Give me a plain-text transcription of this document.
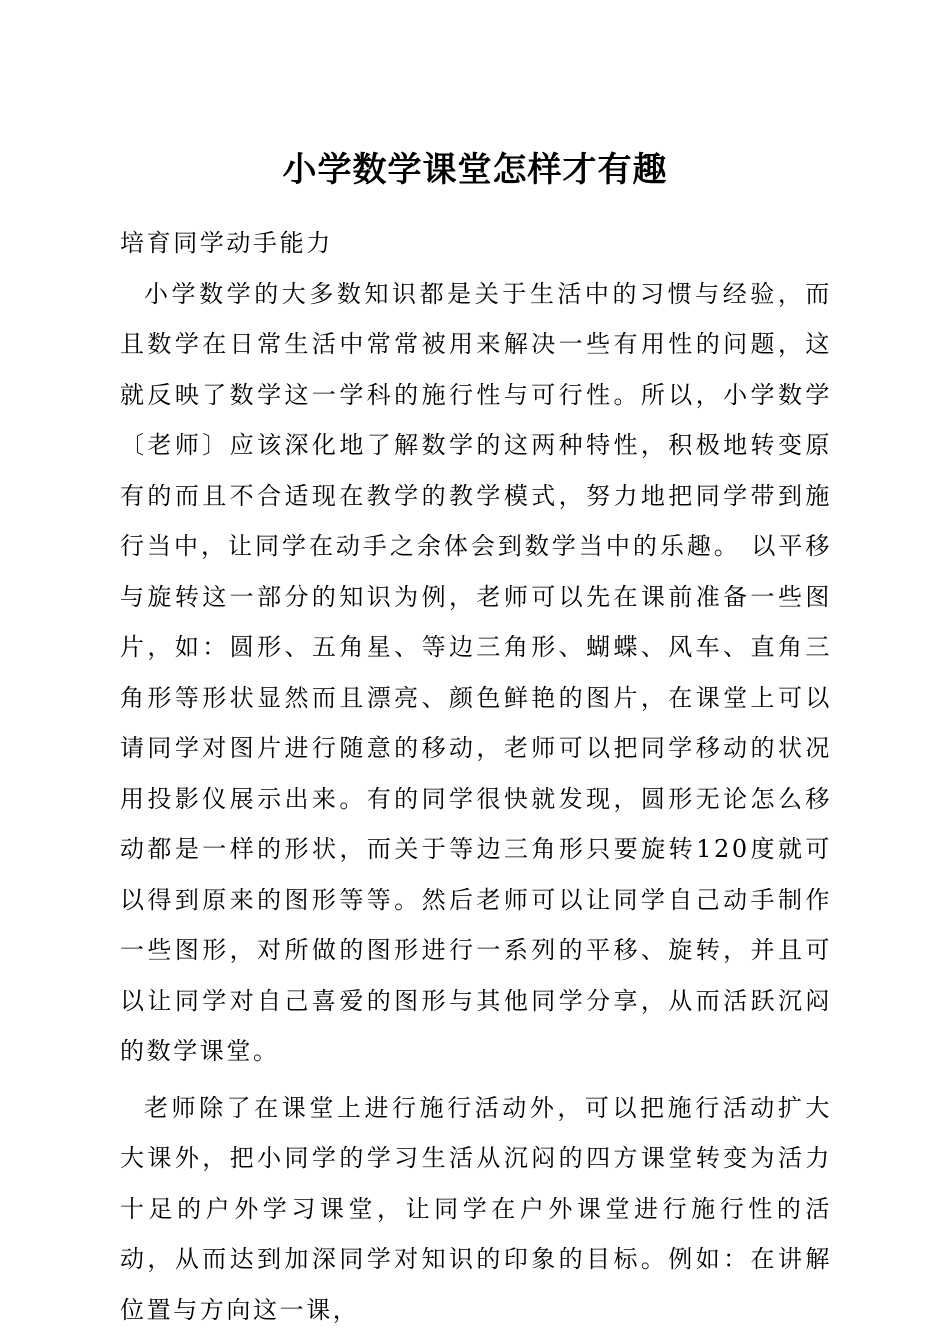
小学数学课堂怎样才有趣

培育同学动手能力

小学数学的大多数知识都是关于生活中的习惯与经验，而且数学在日常生活中常常被用来解决一些有用性的问题，这就反映了数学这一学科的施行性与可行性。所以，小学数学〔老师〕应该深化地了解数学的这两种特性，积极地转变原有的而且不合适现在教学的教学模式，努力地把同学带到施行当中，让同学在动手之余体会到数学当中的乐趣。 以平移与旋转这一部分的知识为例，老师可以先在课前准备一些图片，如：圆形、五角星、等边三角形、蝴蝶、风车、直角三角形等形状显然而且漂亮、颜色鲜艳的图片，在课堂上可以请同学对图片进行随意的移动，老师可以把同学移动的状况用投影仪展示出来。有的同学很快就发现，圆形无论怎么移动都是一样的形状，而关于等边三角形只要旋转120度就可以得到原来的图形等等。然后老师可以让同学自己动手制作一些图形，对所做的图形进行一系列的平移、旋转，并且可以让同学对自己喜爱的图形与其他同学分享，从而活跃沉闷的数学课堂。

老师除了在课堂上进行施行活动外，可以把施行活动扩大大课外，把小同学的学习生活从沉闷的四方课堂转变为活力十足的户外学习课堂，让同学在户外课堂进行施行性的活动，从而达到加深同学对知识的印象的目标。例如：在讲解位置与方向这一课，
